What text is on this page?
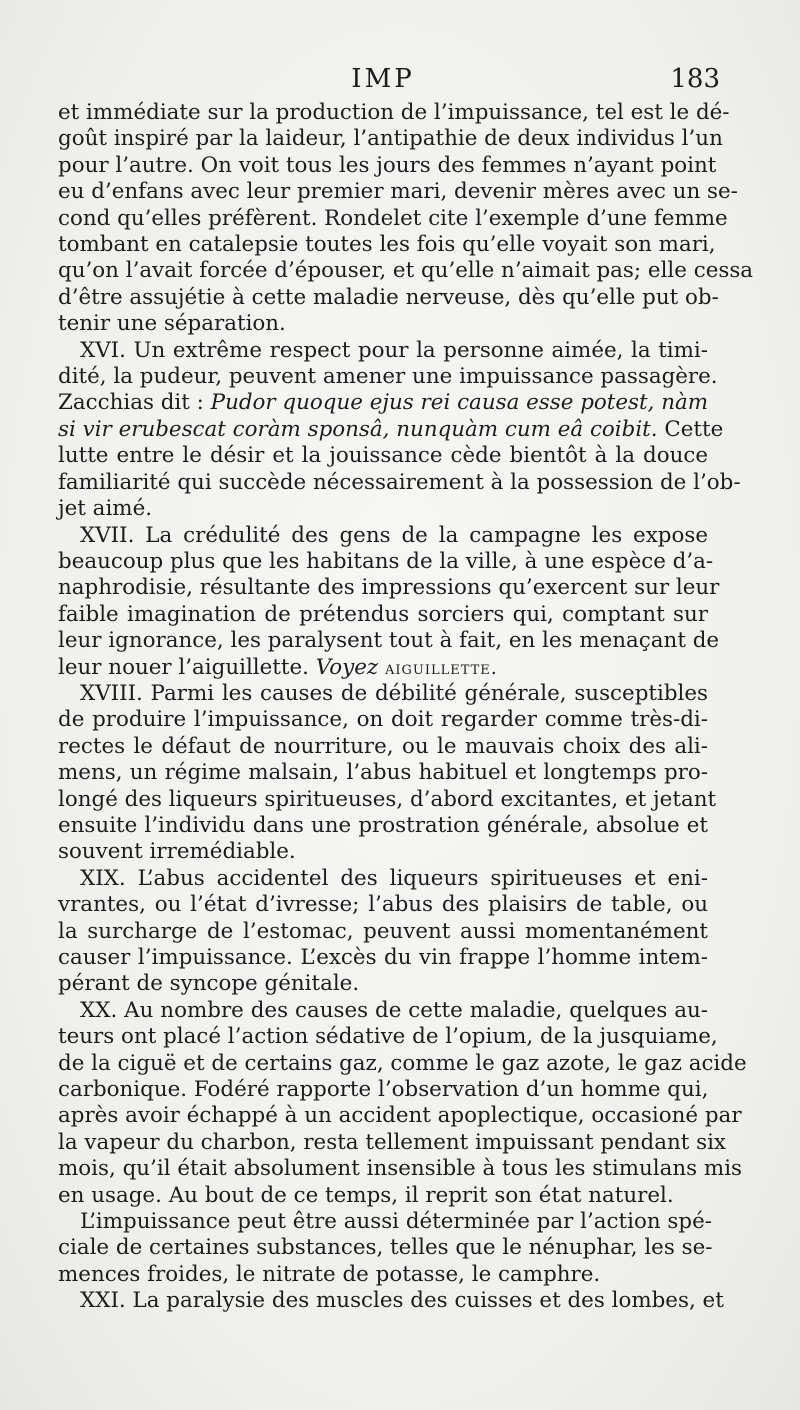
IMP	183

et immédiate sur la production de l’impuissance, tel est le dé-
goût inspiré par la laideur, l’antipathie de deux individus l’un
pour l’autre. On voit tous les jours des femmes n’ayant point
eu d’enfans avec leur premier mari, devenir mères avec un se-
cond qu’elles préfèrent. Rondelet cite l’exemple d’une femme
tombant en catalepsie toutes les fois qu’elle voyait son mari,
qu’on l’avait forcée d’épouser, et qu’elle n’aimait pas; elle cessa
d’être assujétie à cette maladie nerveuse, dès qu’elle put ob-
tenir une séparation.

XVI. Un extrême respect pour la personne aimée, la timi-
dité, la pudeur, peuvent amener une impuissance passagère.
Zacchias dit : Pudor quoque ejus rei causa esse potest, nàm
si vir erubescat coràm sponsâ, nunquàm cum eâ coibit. Cette
lutte entre le désir et la jouissance cède bientôt à la douce
familiarité qui succède nécessairement à la possession de l’ob-
jet aimé.

XVII. La crédulité des gens de la campagne les expose
beaucoup plus que les habitans de la ville, à une espèce d’a-
naphrodisie, résultante des impressions qu’exercent sur leur
faible imagination de prétendus sorciers qui, comptant sur
leur ignorance, les paralysent tout à fait, en les menaçant de
leur nouer l’aiguillette. Voyez aiguillette.

XVIII. Parmi les causes de débilité générale, susceptibles
de produire l’impuissance, on doit regarder comme très-di-
rectes le défaut de nourriture, ou le mauvais choix des ali-
mens, un régime malsain, l’abus habituel et longtemps pro-
longé des liqueurs spiritueuses, d’abord excitantes, et jetant
ensuite l’individu dans une prostration générale, absolue et
souvent irremédiable.

XIX. L’abus accidentel des liqueurs spiritueuses et eni-
vrantes, ou l’état d’ivresse; l’abus des plaisirs de table, ou
la surcharge de l’estomac, peuvent aussi momentanément
causer l’impuissance. L’excès du vin frappe l’homme intem-
pérant de syncope génitale.

XX. Au nombre des causes de cette maladie, quelques au-
teurs ont placé l’action sédative de l’opium, de la jusquiame,
de la ciguë et de certains gaz, comme le gaz azote, le gaz acide
carbonique. Fodéré rapporte l’observation d’un homme qui,
après avoir échappé à un accident apoplectique, occasioné par
la vapeur du charbon, resta tellement impuissant pendant six
mois, qu’il était absolument insensible à tous les stimulans mis
en usage. Au bout de ce temps, il reprit son état naturel.

L’impuissance peut être aussi déterminée par l’action spé-
ciale de certaines substances, telles que le nénuphar, les se-
mences froides, le nitrate de potasse, le camphre.

XXI. La paralysie des muscles des cuisses et des lombes, et
